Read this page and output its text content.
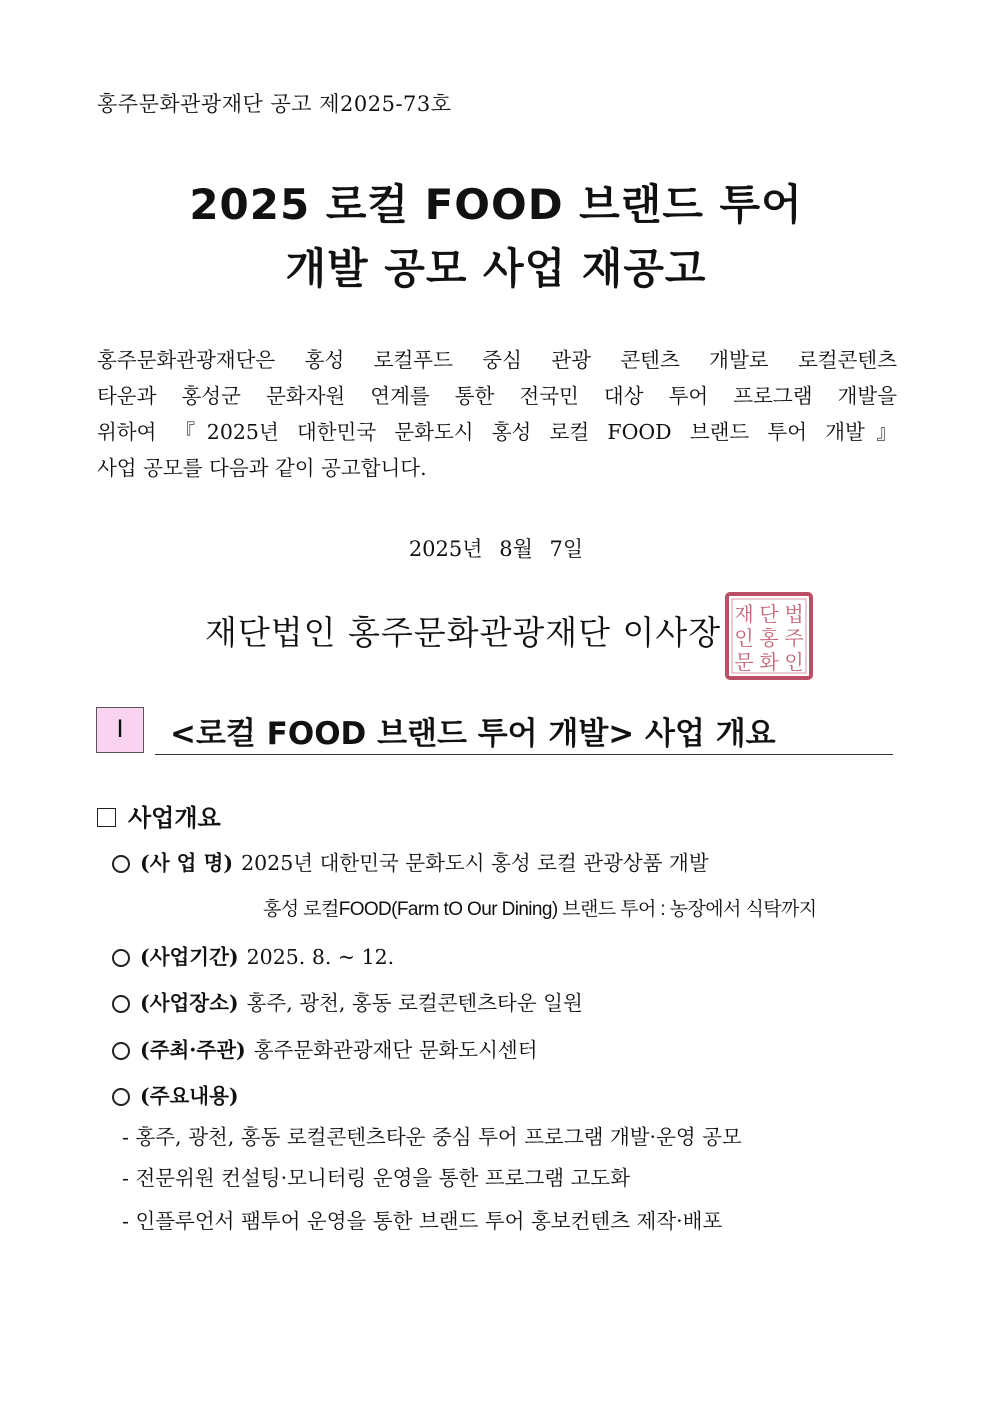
홍주문화관광재단 공고 제2025-73호
2025 로컬 FOOD 브랜드 투어
개발 공모 사업 재공고
홍주문화관광재단은 홍성 로컬푸드 중심 관광 콘텐츠 개발로 로컬콘텐츠
타운과 홍성군 문화자원 연계를 통한 전국민 대상 투어 프로그램 개발을
위하여 『2025년 대한민국 문화도시 홍성 로컬 FOOD 브랜드 투어 개발』
사업 공모를 다음과 같이 공고합니다.
2025년 8월 7일
재단법인 홍주문화관광재단 이사장 재 단 법
인 홍 주
문 화 인
Ⅰ	<로컬 FOOD 브랜드 투어 개발> 사업 개요
사업개요
(사 업 명) 2025년 대한민국 문화도시 홍성 로컬 관광상품 개발
홍성 로컬FOOD(Farm tO Our Dining) 브랜드 투어 : 농장에서 식탁까지
(사업기간) 2025. 8. ~ 12.
(사업장소) 홍주, 광천, 홍동 로컬콘텐츠타운 일원
(주최·주관) 홍주문화관광재단 문화도시센터
(주요내용)
- 홍주, 광천, 홍동 로컬콘텐츠타운 중심 투어 프로그램 개발·운영 공모
- 전문위원 컨설팅·모니터링 운영을 통한 프로그램 고도화
- 인플루언서 팸투어 운영을 통한 브랜드 투어 홍보컨텐츠 제작·배포
